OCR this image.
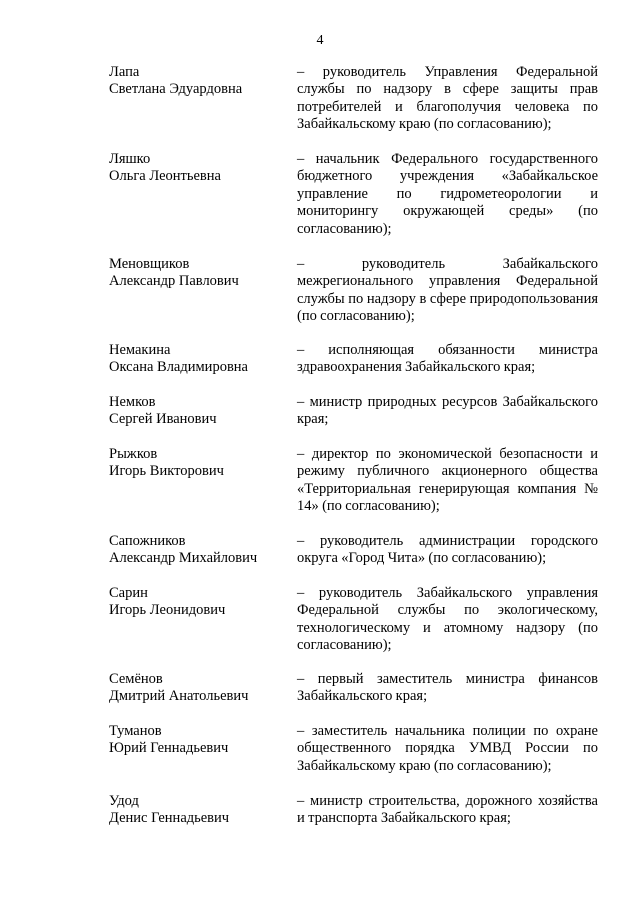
4
Лапа
Светлана Эдуардовна
– руководитель Управления Федеральной службы по надзору в сфере защиты прав потребителей и благополучия человека по Забайкальскому краю (по согласованию);
Ляшко
Ольга Леонтьевна
– начальник Федерального государственного бюджетного учреждения «Забайкальское управление по гидрометеорологии и мониторингу окружающей среды» (по согласованию);
Меновщиков
Александр Павлович
– руководитель Забайкальского межрегионального управления Федеральной службы по надзору в сфере природопользования (по согласованию);
Немакина
Оксана Владимировна
– исполняющая обязанности министра здравоохранения Забайкальского края;
Немков
Сергей Иванович
– министр природных ресурсов Забайкальского края;
Рыжков
Игорь Викторович
– директор по экономической безопасности и режиму публичного акционерного общества «Территориальная генерирующая компания № 14» (по согласованию);
Сапожников
Александр Михайлович
– руководитель администрации городского округа «Город Чита» (по согласованию);
Сарин
Игорь Леонидович
– руководитель Забайкальского управления Федеральной службы по экологическому, технологическому и атомному надзору (по согласованию);
Семёнов
Дмитрий Анатольевич
– первый заместитель министра финансов Забайкальского края;
Туманов
Юрий Геннадьевич
– заместитель начальника полиции по охране общественного порядка УМВД России по Забайкальскому краю (по согласованию);
Удод
Денис Геннадьевич
– министр строительства, дорожного хозяйства и транспорта Забайкальского края;
